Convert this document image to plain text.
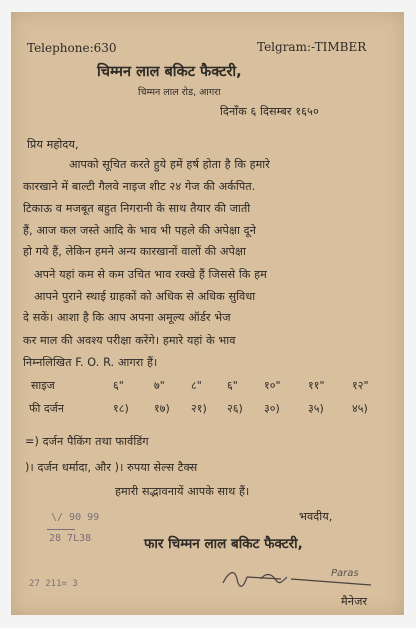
Telephone:630	Telgram:-TIMBER
चिम्मन लाल बकिट फैक्टरी,
चिम्मन लाल रोड, आगरा
दिनाँक ६ दिसम्बर १६५०
प्रिय महोदय,
आपको सूचित करते हुये हमें हर्ष होता है कि हमारे
कारखाने में बाल्टी गैलवे नाइज शीट २४ गेज की अर्कपित.
टिकाऊ व मजबूत बहुत निगरानी के साथ तैयार की जाती
हैं, आज कल जस्ते आदि के भाव भी पहले की अपेक्षा दूने
हो गये हैं, लेकिन हमने अन्य कारखानों वालों की अपेक्षा
अपने यहां कम से कम उचित भाव रक्खे हैं जिससे कि हम
आपने पुराने स्थाई ग्राहकों को अधिक से अधिक सुविधा
दे सकें। आशा है कि आप अपना अमूल्य ऑर्डर भेज
कर माल की अवश्य परीक्षा करेंगे। हमारे यहां के भाव
निम्नलिखित F. O. R. आगरा हैं।
साइज	६"	७" ८" ६" १०"	११"	१२"
फी दर्जन	१८) १७) २१) २६) ३०)	३५)	४५)
=) दर्जन पैकिंग तथा फार्वडिंग
)। दर्जन धर्मादा, और )। रुपया सेल्स टैक्स
हमारी सद्भावनायें आपके साथ हैं।
भवदीय,
फार चिम्मन लाल बकिट फैक्टरी,
\/ 90 99
28 7L38
27 211= 3
Paras
मैनेजर
